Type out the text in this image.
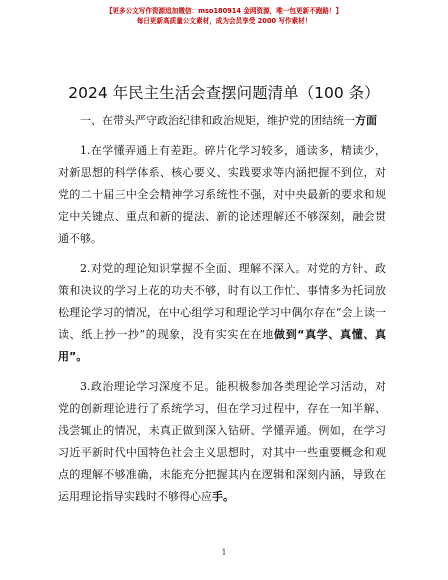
【更多公文写作资源追加微信：mso180914 金网资源，唯一包更新不跑路！】
每日更新高质量公文素材，成为会员享受 2000 写作素材！
2024 年民主生活会查摆问题清单（100 条）

一、在带头严守政治纪律和政治规矩，维护党的团结统一方面

1.在学懂弄通上有差距。碎片化学习较多，通读多，精读少，对新思想的科学体系、核心要义、实践要求等内涵把握不到位，对党的二十届三中全会精神学习系统性不强，对中央最新的要求和规定中关键点、重点和新的提法、新的论述理解还不够深刻，融会贯通不够。

2.对党的理论知识掌握不全面、理解不深入。对党的方针、政策和决议的学习上花的功夫不够，时有以工作忙、事情多为托词放松理论学习的情况，在中心组学习和理论学习中偶尔存在“会上读一读、纸上抄一抄”的现象，没有实实在在地做到“真学、真懂、真用”。

3.政治理论学习深度不足。能积极参加各类理论学习活动，对党的创新理论进行了系统学习，但在学习过程中，存在一知半解、浅尝辄止的情况，未真正做到深入钻研、学懂弄通。例如，在学习习近平新时代中国特色社会主义思想时，对其中一些重要概念和观点的理解不够准确，未能充分把握其内在逻辑和深刻内涵，导致在运用理论指导实践时不够得心应手。

1
